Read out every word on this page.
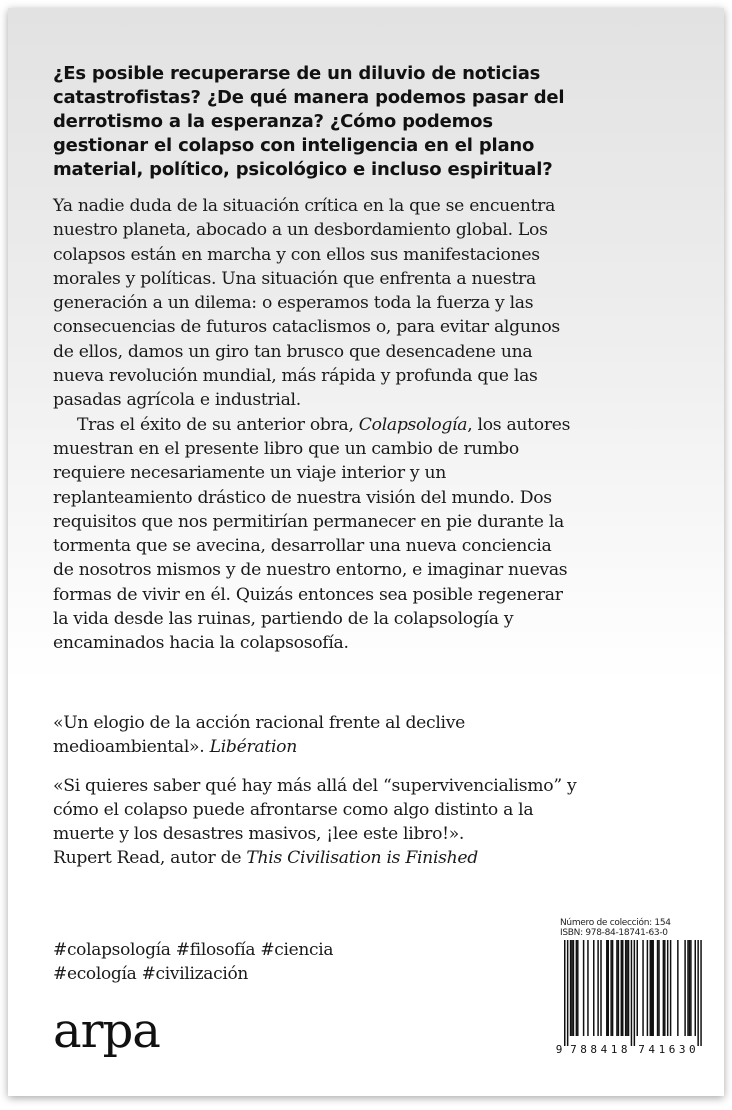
¿Es posible recuperarse de un diluvio de noticias catastrofistas? ¿De qué manera podemos pasar del derrotismo a la esperanza? ¿Cómo podemos gestionar el colapso con inteligencia en el plano material, político, psicológico e incluso espiritual?

Ya nadie duda de la situación crítica en la que se encuentra nuestro planeta, abocado a un desbordamiento global. Los colapsos están en marcha y con ellos sus manifestaciones morales y políticas. Una situación que enfrenta a nuestra generación a un dilema: o esperamos toda la fuerza y las consecuencias de futuros cataclismos o, para evitar algunos de ellos, damos un giro tan brusco que desencadene una nueva revolución mundial, más rápida y profunda que las pasadas agrícola e industrial.

Tras el éxito de su anterior obra, Colapsología, los autores muestran en el presente libro que un cambio de rumbo requiere necesariamente un viaje interior y un replanteamiento drástico de nuestra visión del mundo. Dos requisitos que nos permitirían permanecer en pie durante la tormenta que se avecina, desarrollar una nueva conciencia de nosotros mismos y de nuestro entorno, e imaginar nuevas formas de vivir en él. Quizás entonces sea posible regenerar la vida desde las ruinas, partiendo de la colapsología y encaminados hacia la colapsosofía.

«Un elogio de la acción racional frente al declive medioambiental». Libération

«Si quieres saber qué hay más allá del “supervivencialismo” y cómo el colapso puede afrontarse como algo distinto a la muerte y los desastres masivos, ¡lee este libro!».
Rupert Read, autor de This Civilisation is Finished

#colapsología #filosofía #ciencia
#ecología #civilización
arpa
Número de colección: 154
ISBN: 978-84-18741-63-0
9 7 8 8 4 1 8 7 4 1 6 3 0
